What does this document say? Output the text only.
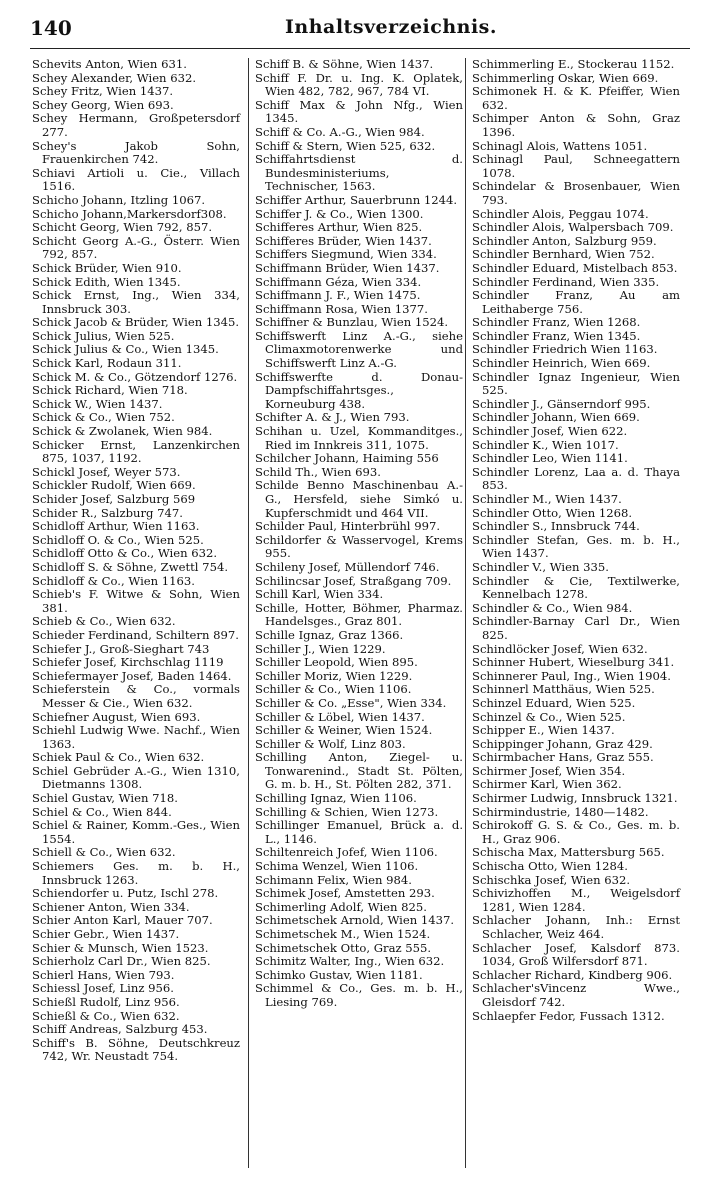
140	Inhaltsverzeichnis.

Schevits Anton, Wien 631.

Schey Alexander, Wien 632.

Schey Fritz, Wien 1437.

Schey Georg, Wien 693.

Schey Hermann, Großpetersdorf 277.

Schey's Jakob Sohn, Frauenkirchen 742.

Schiavi Artioli u. Cie., Villach 1516.

Schicho Johann, Itzling 1067.

Schicho Johann,Markersdorf308.

Schicht Georg, Wien 792, 857.

Schicht Georg A.-G., Österr. Wien 792, 857.

Schick Brüder, Wien 910.

Schick Edith, Wien 1345.

Schick Ernst, Ing., Wien 334, Innsbruck 303.

Schick Jacob & Brüder, Wien 1345.

Schick Julius, Wien 525.

Schick Julius & Co., Wien 1345.

Schick Karl, Rodaun 311.

Schick M. & Co., Götzendorf 1276.

Schick Richard, Wien 718.

Schick W., Wien 1437.

Schick & Co., Wien 752.

Schick & Zwolanek, Wien 984.

Schicker Ernst, Lanzenkirchen 875, 1037, 1192.

Schickl Josef, Weyer 573.

Schickler Rudolf, Wien 669.

Schider Josef, Salzburg 569

Schider R., Salzburg 747.

Schidloff Arthur, Wien 1163.

Schidloff O. & Co., Wien 525.

Schidloff Otto & Co., Wien 632.

Schidloff S. & Söhne, Zwettl 754.

Schidloff & Co., Wien 1163.

Schieb's F. Witwe & Sohn, Wien 381.

Schieb & Co., Wien 632.

Schieder Ferdinand, Schiltern 897.

Schiefer J., Groß-Sieghart 743

Schiefer Josef, Kirchschlag 1119

Schiefermayer Josef, Baden 1464.

Schieferstein & Co., vormals Messer & Cie., Wien 632.

Schiefner August, Wien 693.

Schiehl Ludwig Wwe. Nachf., Wien 1363.

Schiek Paul & Co., Wien 632.

Schiel Gebrüder A.-G., Wien 1310, Dietmanns 1308.

Schiel Gustav, Wien 718.

Schiel & Co., Wien 844.

Schiel & Rainer, Komm.-Ges., Wien 1554.

Schiell & Co., Wien 632.

Schiemers Ges. m. b. H., Innsbruck 1263.

Schiendorfer u. Putz, Ischl 278.

Schiener Anton, Wien 334.

Schier Anton Karl, Mauer 707.

Schier Gebr., Wien 1437.

Schier & Munsch, Wien 1523.

Schierholz Carl Dr., Wien 825.

Schierl Hans, Wien 793.

Schiessl Josef, Linz 956.

Schießl Rudolf, Linz 956.

Schießl & Co., Wien 632.

Schiff Andreas, Salzburg 453.

Schiff's B. Söhne, Deutschkreuz 742, Wr. Neustadt 754.

Schiff B. & Söhne, Wien 1437.

Schiff F. Dr. u. Ing. K. Oplatek, Wien 482, 782, 967, 784 VI.

Schiff Max & John Nfg., Wien 1345.

Schiff & Co. A.-G., Wien 984.

Schiff & Stern, Wien 525, 632.

Schiffahrtsdienst d. Bundesministeriums, Technischer, 1563.

Schiffer Arthur, Sauerbrunn 1244.

Schiffer J. & Co., Wien 1300.

Schifferes Arthur, Wien 825.

Schifferes Brüder, Wien 1437.

Schiffers Siegmund, Wien 334.

Schiffmann Brüder, Wien 1437.

Schiffmann Géza, Wien 334.

Schiffmann J. F., Wien 1475.

Schiffmann Rosa, Wien 1377.

Schiffner & Bunzlau, Wien 1524.

Schiffswerft Linz A.-G., siehe Climaxmotorenwerke und Schiffswerft Linz A.-G.

Schiffswerfte d. Donau-Dampfschiffahrtsges., Korneuburg 438.

Schifter A. & J., Wien 793.

Schihan u. Uzel, Kommanditges., Ried im Innkreis 311, 1075.

Schilcher Johann, Haiming 556

Schild Th., Wien 693.

Schilde Benno Maschinenbau A.-G., Hersfeld, siehe Simkó u. Kupferschmidt und 464 VII.

Schilder Paul, Hinterbrühl 997.

Schildorfer & Wasservogel, Krems 955.

Schileny Josef, Müllendorf 746.

Schilincsar Josef, Straßgang 709.

Schill Karl, Wien 334.

Schille, Hotter, Böhmer, Pharmaz. Handelsges., Graz 801.

Schille Ignaz, Graz 1366.

Schiller J., Wien 1229.

Schiller Leopold, Wien 895.

Schiller Moriz, Wien 1229.

Schiller & Co., Wien 1106.

Schiller & Co. „Esse", Wien 334.

Schiller & Löbel, Wien 1437.

Schiller & Weiner, Wien 1524.

Schiller & Wolf, Linz 803.

Schilling Anton, Ziegel- u. Tonwarenind., Stadt St. Pölten, G. m. b. H., St. Pölten 282, 371.

Schilling Ignaz, Wien 1106.

Schilling & Schien, Wien 1273.

Schillinger Emanuel, Brück a. d. L., 1146.

Schiltenreich Jofef, Wien 1106.

Schima Wenzel, Wien 1106.

Schimann Felix, Wien 984.

Schimek Josef, Amstetten 293.

Schimerling Adolf, Wien 825.

Schimetschek Arnold, Wien 1437.

Schimetschek M., Wien 1524.

Schimetschek Otto, Graz 555.

Schimitz Walter, Ing., Wien 632.

Schimko Gustav, Wien 1181.

Schimmel & Co., Ges. m. b. H., Liesing 769.

Schimmerling E., Stockerau 1152.

Schimmerling Oskar, Wien 669.

Schimonek H. & K. Pfeiffer, Wien 632.

Schimper Anton & Sohn, Graz 1396.

Schinagl Alois, Wattens 1051.

Schinagl Paul, Schneegattern 1078.

Schindelar & Brosenbauer, Wien 793.

Schindler Alois, Peggau 1074.

Schindler Alois, Walpersbach 709.

Schindler Anton, Salzburg 959.

Schindler Bernhard, Wien 752.

Schindler Eduard, Mistelbach 853.

Schindler Ferdinand, Wien 335.

Schindler Franz, Au am Leithaberge 756.

Schindler Franz, Wien 1268.

Schindler Franz, Wien 1345.

Schindler Friedrich Wien 1163.

Schindler Heinrich, Wien 669.

Schindler Ignaz Ingenieur, Wien 525.

Schindler J., Gänserndorf 995.

Schindler Johann, Wien 669.

Schindler Josef, Wien 622.

Schindler K., Wien 1017.

Schindler Leo, Wien 1141.

Schindler Lorenz, Laa a. d. Thaya 853.

Schindler M., Wien 1437.

Schindler Otto, Wien 1268.

Schindler S., Innsbruck 744.

Schindler Stefan, Ges. m. b. H., Wien 1437.

Schindler V., Wien 335.

Schindler & Cie, Textilwerke, Kennelbach 1278.

Schindler & Co., Wien 984.

Schindler-Barnay Carl Dr., Wien 825.

Schindlöcker Josef, Wien 632.

Schinner Hubert, Wieselburg 341.

Schinnerer Paul, Ing., Wien 1904.

Schinnerl Matthäus, Wien 525.

Schinzel Eduard, Wien 525.

Schinzel & Co., Wien 525.

Schipper E., Wien 1437.

Schippinger Johann, Graz 429.

Schirmbacher Hans, Graz 555.

Schirmer Josef, Wien 354.

Schirmer Karl, Wien 362.

Schirmer Ludwig, Innsbruck 1321.

Schirmindustrie, 1480—1482.

Schirokoff G. S. & Co., Ges. m. b. H., Graz 906.

Schischa Max, Mattersburg 565.

Schischa Otto, Wien 1284.

Schischka Josef, Wien 632.

Schivizhoffen M., Weigelsdorf 1281, Wien 1284.

Schlacher Johann, Inh.: Ernst Schlacher, Weiz 464.

Schlacher Josef, Kalsdorf 873. 1034, Groß Wilfersdorf 871.

Schlacher Richard, Kindberg 906.

Schlacher'sVincenz Wwe., Gleisdorf 742.

Schlaepfer Fedor, Fussach 1312.
